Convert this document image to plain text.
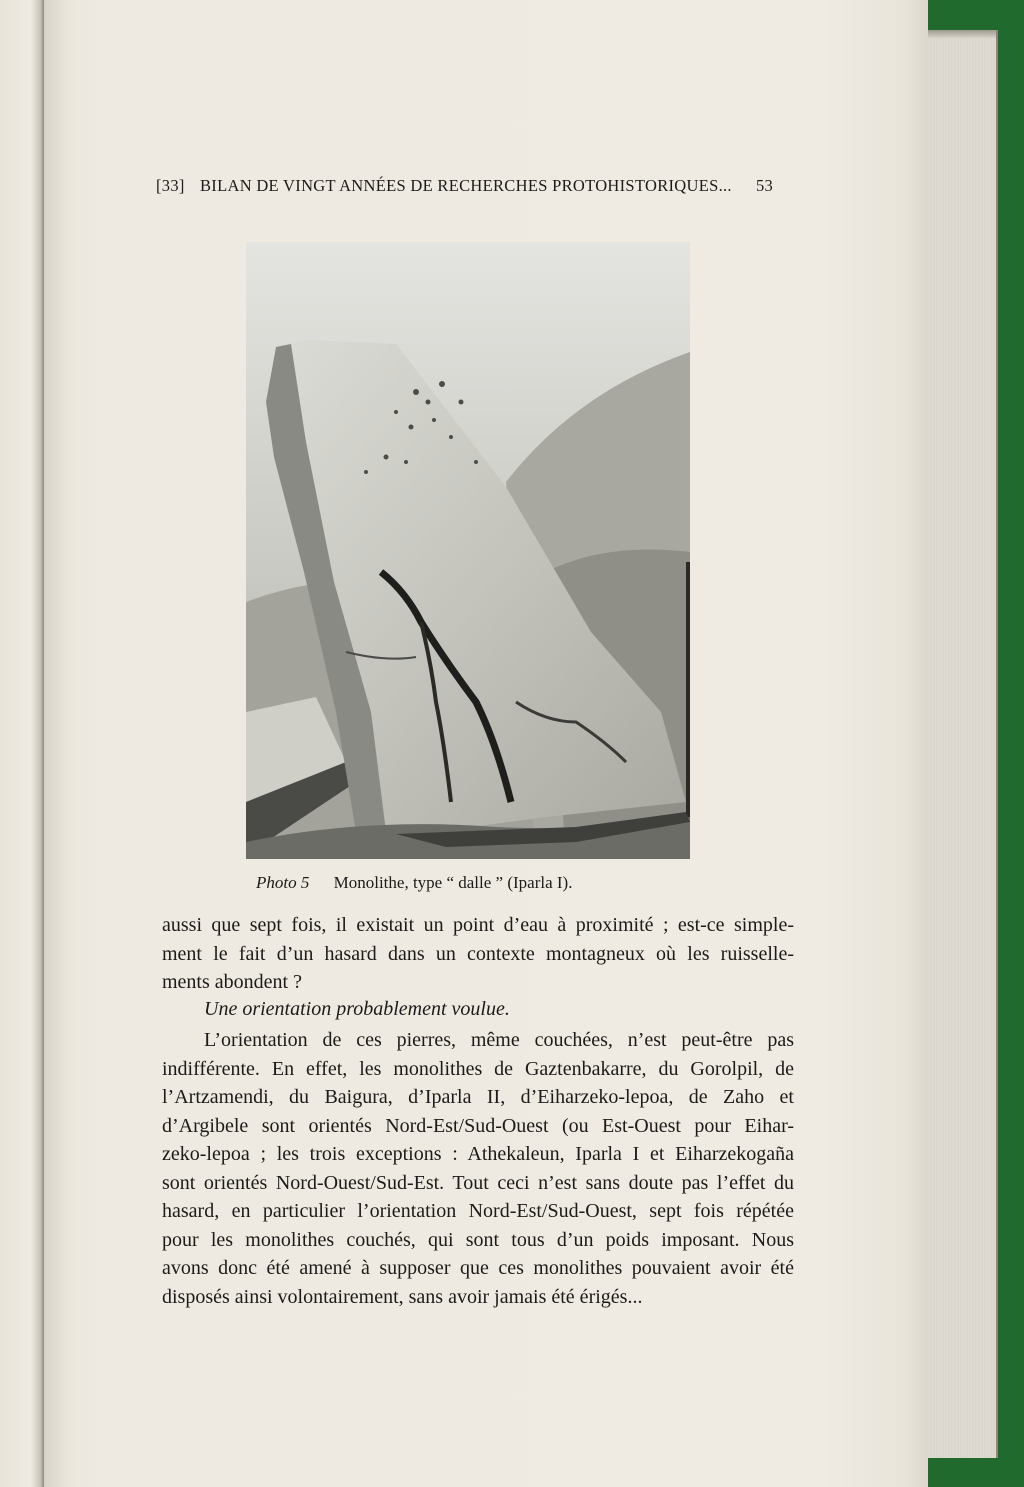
[33] BILAN DE VINGT ANNÉES DE RECHERCHES PROTOHISTORIQUES... 53
Photo 5 Monolithe, type “ dalle ” (Iparla I).
aussi que sept fois, il existait un point d’eau à proximité ; est-ce simple-
ment le fait d’un hasard dans un contexte montagneux où les ruisselle-
ments abondent ?
Une orientation probablement voulue.
L’orientation de ces pierres, même couchées, n’est peut-être pas
indifférente. En effet, les monolithes de Gaztenbakarre, du Gorolpil, de
l’Artzamendi, du Baigura, d’Iparla II, d’Eiharzeko-lepoa, de Zaho et
d’Argibele sont orientés Nord-Est/Sud-Ouest (ou Est-Ouest pour Eihar-
zeko-lepoa ; les trois exceptions : Athekaleun, Iparla I et Eiharzekogaña
sont orientés Nord-Ouest/Sud-Est. Tout ceci n’est sans doute pas l’effet du
hasard, en particulier l’orientation Nord-Est/Sud-Ouest, sept fois répétée
pour les monolithes couchés, qui sont tous d’un poids imposant. Nous
avons donc été amené à supposer que ces monolithes pouvaient avoir été
disposés ainsi volontairement, sans avoir jamais été érigés...
